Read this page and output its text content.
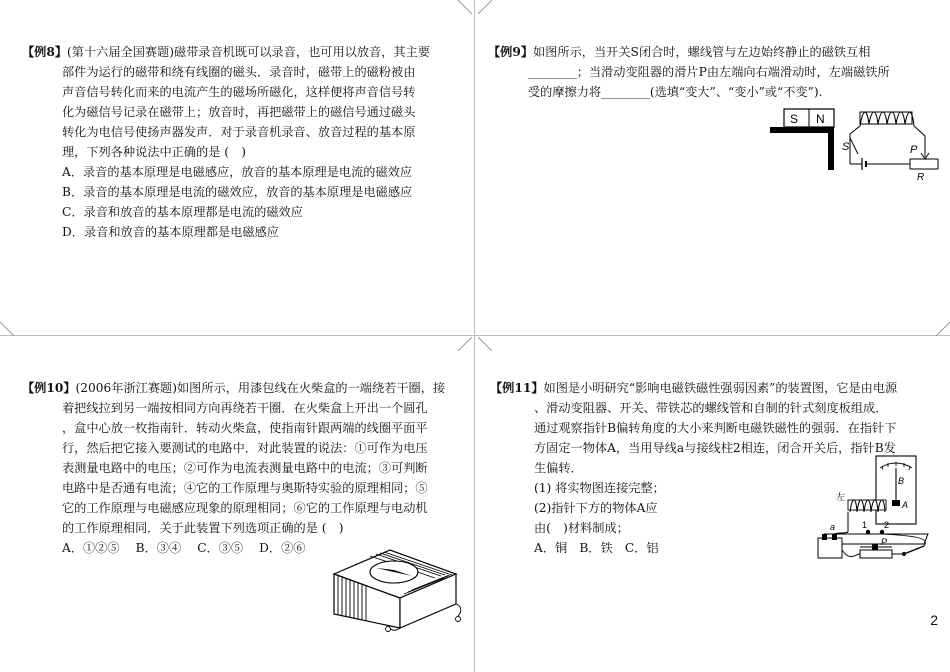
【例8】(第十六届全国赛题)磁带录音机既可以录音，也可用以放音，其主要

部件为运行的磁带和绕有线圈的磁头．录音时，磁带上的磁粉被由

声音信号转化而来的电流产生的磁场所磁化，这样便将声音信号转

化为磁信号记录在磁带上；放音时，再把磁带上的磁信号通过磁头

转化为电信号使扬声器发声．对于录音机录音、放音过程的基本原

理，下列各种说法中正确的是 (　)

A．录音的基本原理是电磁感应，放音的基本原理是电流的磁效应

B．录音的基本原理是电流的磁效应，放音的基本原理是电磁感应

C．录音和放音的基本原理都是电流的磁效应

D．录音和放音的基本原理都是电磁感应

【例9】如图所示，当开关S闭合时，螺线管与左边始终静止的磁铁互相

________；当滑动变阻器的滑片P由左端向右端滑动时，左端磁铁所

受的摩擦力将________(选填“变大”、“变小”或“不变”).

S N
S	P
R

【例10】(2006年浙江赛题)如图所示，用漆包线在火柴盒的一端绕若干圈，接

着把线拉到另一端按相同方向再绕若干圈．在火柴盒上开出一个圆孔

，盒中心放一枚指南针．转动火柴盒，使指南针跟两端的线圈平面平

行，然后把它接入要测试的电路中．对此装置的说法：①可作为电压

表测量电路中的电压；②可作为电流表测量电路中的电流；③可判断

电路中是否通有电流；④它的工作原理与奥斯特实验的原理相同；⑤

它的工作原理与电磁感应现象的原理相同；⑥它的工作原理与电动机

的工作原理相同．关于此装置下列选项正确的是 (　)

A．①②⑤　 B．③④　 C．③⑤　 D．②⑥

【例11】如图是小明研究“影响电磁铁磁性强弱因素”的装置图，它是由电源

、滑动变阻器、开关、带铁芯的螺线管和自制的针式刻度板组成．

通过观察指针B偏转角度的大小来判断电磁铁磁性的强弱．在指针下

方固定一物体A，当用导线a与接线柱2相连，闭合开关后，指针B发

生偏转．

(1) 将实物图连接完整；

(2)指针下方的物体A应

由(　)材料制成；

A．铜　B．铁　C．铝

B
A
左
1 2
a
P
2
